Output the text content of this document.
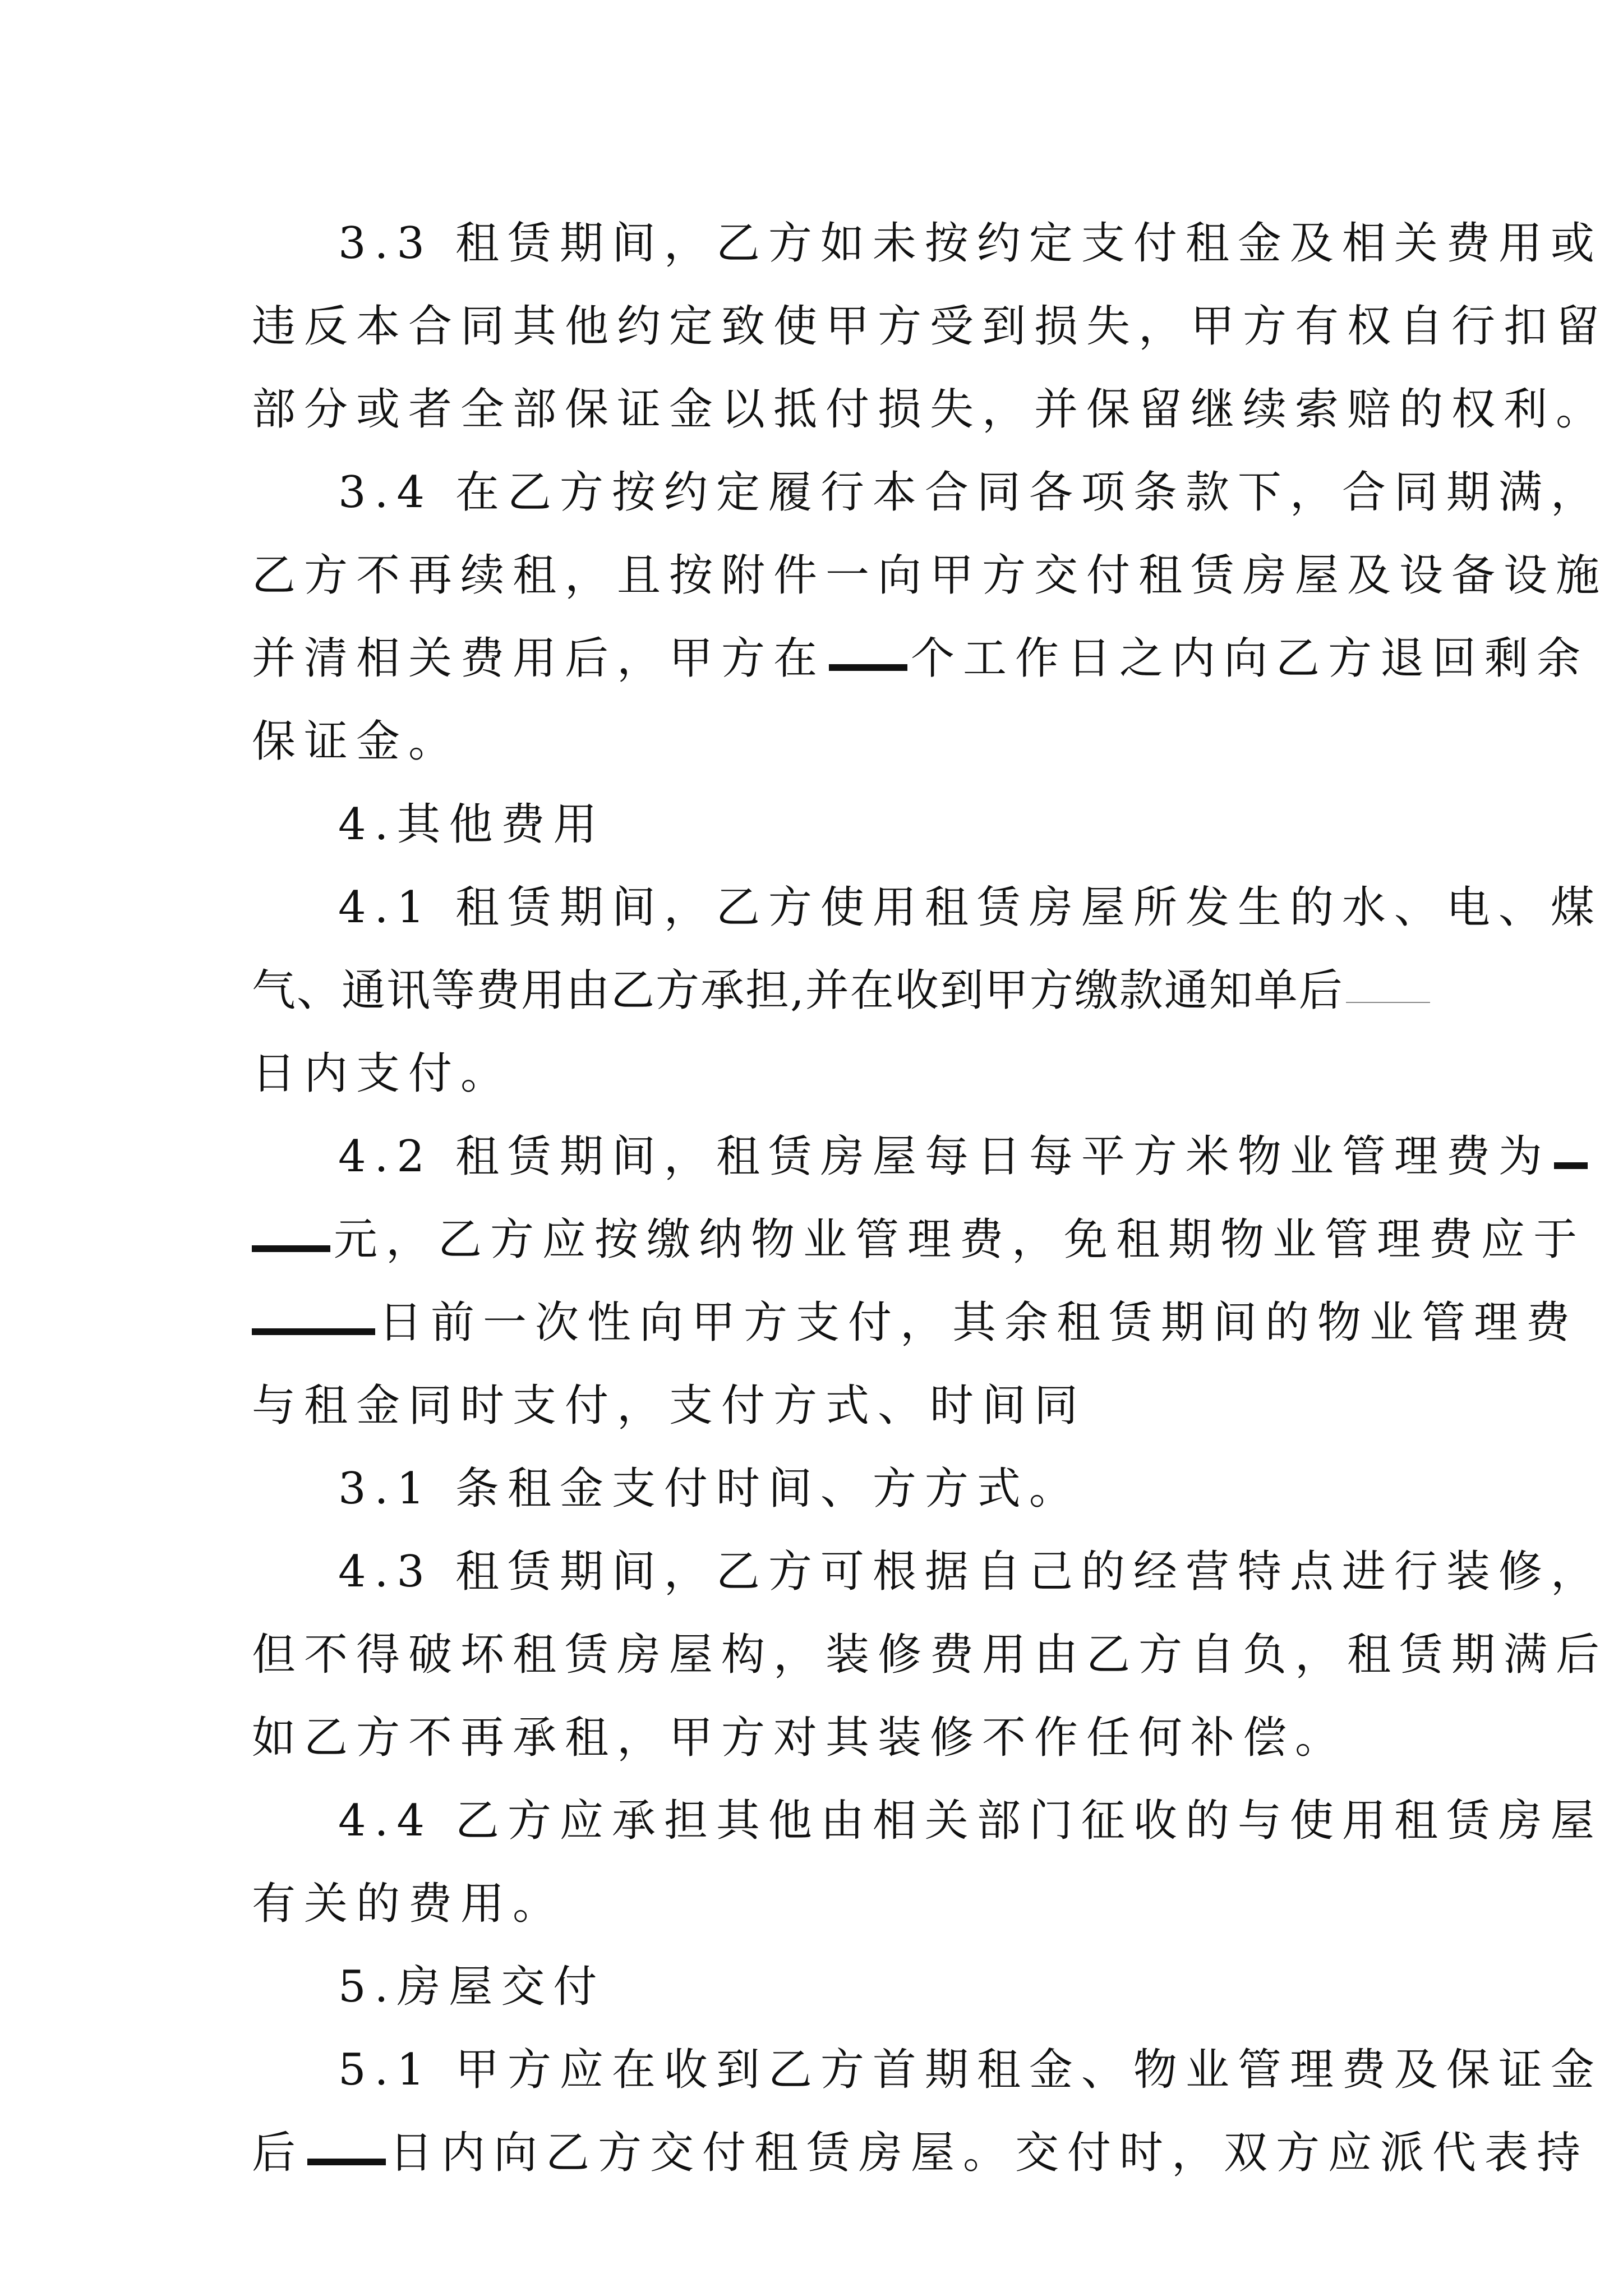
3.3 租赁期间，乙方如未按约定支付租金及相关费用或
违反本合同其他约定致使甲方受到损失，甲方有权自行扣留
部分或者全部保证金以抵付损失，并保留继续索赔的权利。
3.4 在乙方按约定履行本合同各项条款下，合同期满，
乙方不再续租，且按附件一向甲方交付租赁房屋及设备设施
并清相关费用后，甲方在 个工作日之内向乙方退回剩余
保证金。
4.其他费用
4.1 租赁期间，乙方使用租赁房屋所发生的水、电、煤
气、通讯等费用由乙方承担,并在收到甲方缴款通知单后
日内支付。
4.2 租赁期间，租赁房屋每日每平方米物业管理费为
元，乙方应按缴纳物业管理费，免租期物业管理费应于
日前一次性向甲方支付，其余租赁期间的物业管理费
与租金同时支付，支付方式、时间同
3.1 条租金支付时间、方方式。
4.3 租赁期间，乙方可根据自己的经营特点进行装修，
但不得破坏租赁房屋构，装修费用由乙方自负，租赁期满后
如乙方不再承租，甲方对其装修不作任何补偿。
4.4 乙方应承担其他由相关部门征收的与使用租赁房屋
有关的费用。
5.房屋交付
5.1 甲方应在收到乙方首期租金、物业管理费及保证金
后 日内向乙方交付租赁房屋。交付时，双方应派代表持
